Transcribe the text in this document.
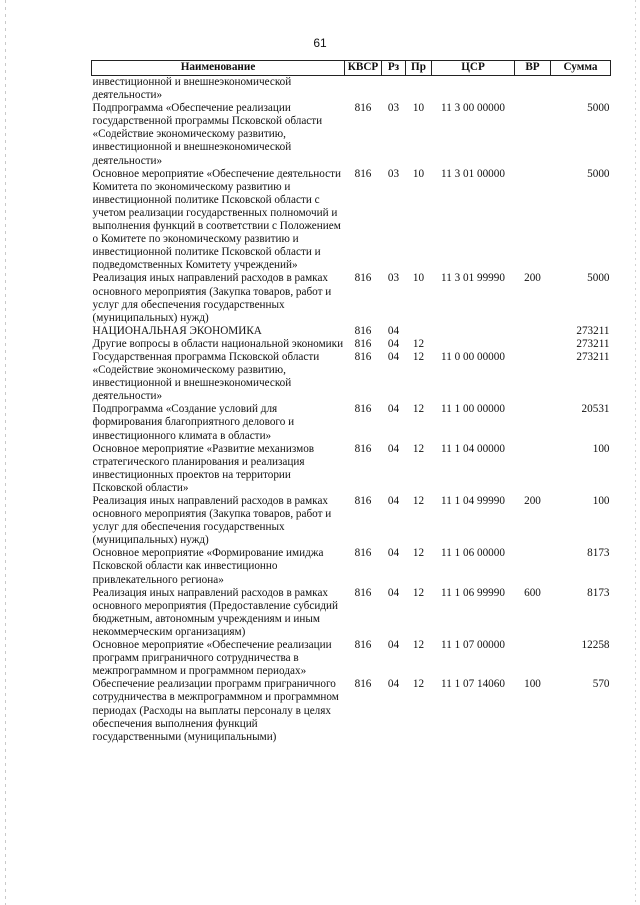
61
Наименование	КВСР	Рз	Пр	ЦСР	ВР	Сумма
инвестиционной и внешнеэкономической деятельности»						
Подпрограмма «Обеспечение реализации государственной программы Псковской области «Содействие экономическому развитию, инвестиционной и внешнеэкономической деятельности»	816	03	10	11 3 00 00000		5000
Основное мероприятие «Обеспечение деятельности Комитета по экономическому развитию и инвестиционной политике Псковской области с учетом реализации государственных полномочий и выполнения функций в соответствии с Положением о Комитете по экономическому развитию и инвестиционной политике Псковской области и подведомственных Комитету учреждений»	816	03	10	11 3 01 00000		5000
Реализация иных направлений расходов в рамках основного мероприятия (Закупка товаров, работ и услуг для обеспечения государственных (муниципальных) нужд)	816	03	10	11 3 01 99990	200	5000
НАЦИОНАЛЬНАЯ ЭКОНОМИКА	816	04				273211
Другие вопросы в области национальной экономики	816	04	12			273211
Государственная программа Псковской области «Содействие экономическому развитию, инвестиционной и внешнеэкономической деятельности»	816	04	12	11 0 00 00000		273211
Подпрограмма «Создание условий для формирования благоприятного делового и инвестиционного климата в области»	816	04	12	11 1 00 00000		20531
Основное мероприятие «Развитие механизмов стратегического планирования и реализация инвестиционных проектов на территории Псковской области»	816	04	12	11 1 04 00000		100
Реализация иных направлений расходов в рамках основного мероприятия (Закупка товаров, работ и услуг для обеспечения государственных (муниципальных) нужд)	816	04	12	11 1 04 99990	200	100
Основное мероприятие «Формирование имиджа Псковской области как инвестиционно привлекательного региона»	816	04	12	11 1 06 00000		8173
Реализация иных направлений расходов в рамках основного мероприятия (Предоставление субсидий бюджетным, автономным учреждениям и иным некоммерческим организациям)	816	04	12	11 1 06 99990	600	8173
Основное мероприятие «Обеспечение реализации программ приграничного сотрудничества в межпрограммном и программном периодах»	816	04	12	11 1 07 00000		12258
Обеспечение реализации программ приграничного сотрудничества в межпрограммном и программном периодах (Расходы на выплаты персоналу в целях обеспечения выполнения функций государственными (муниципальными)	816	04	12	11 1 07 14060	100	570
